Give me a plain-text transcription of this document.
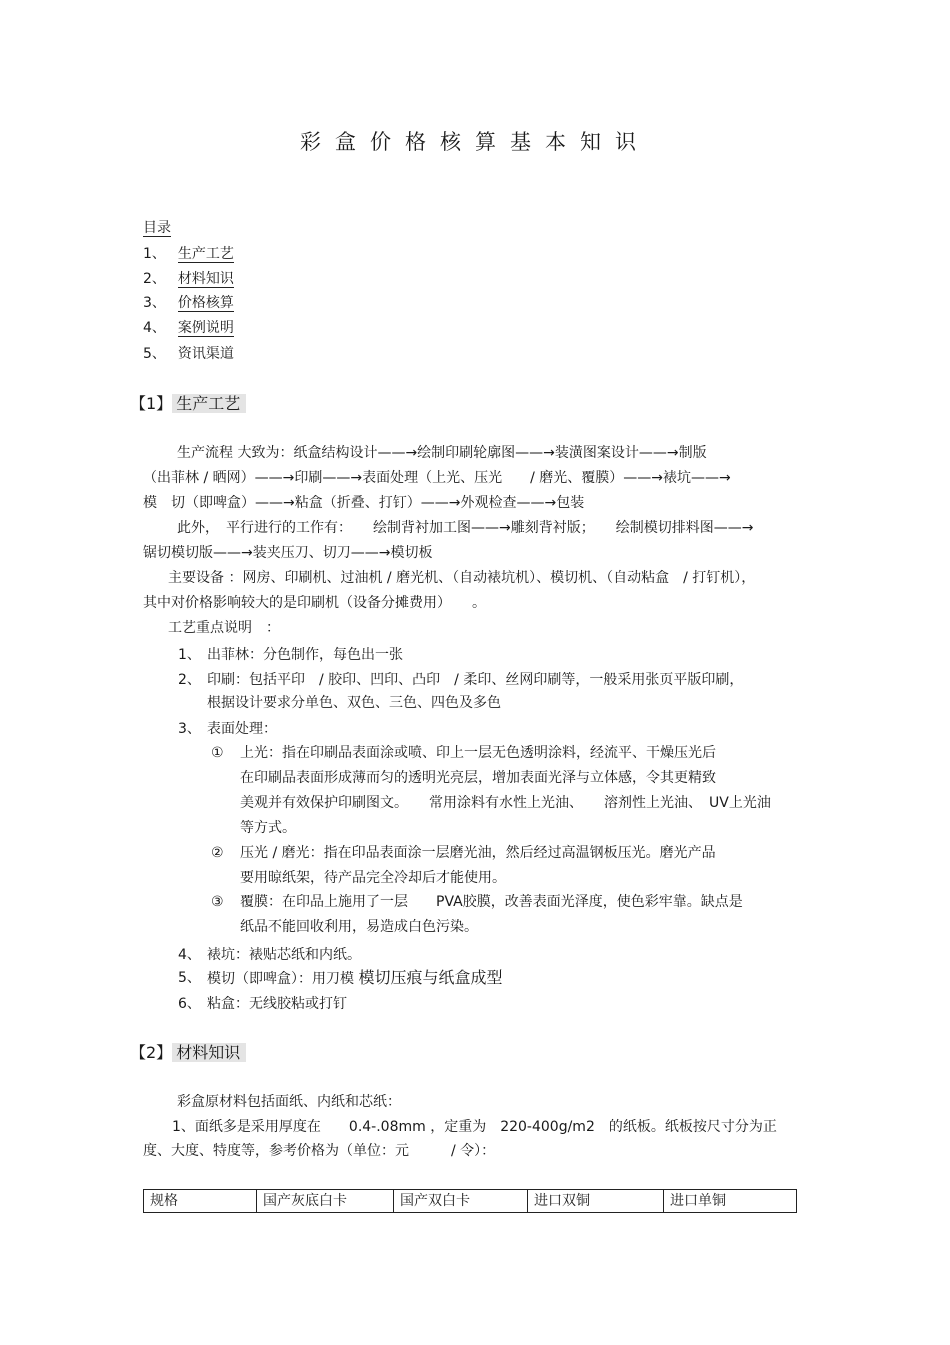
彩盒价格核算基本知识
目录
1、 生产工艺
2、 材料知识
3、 价格核算
4、 案例说明
5、 资讯渠道
【1】 生产工艺
生产流程 大致为：纸盒结构设计——→绘制印刷轮廓图——→装潢图案设计——→制版
（出菲林 / 晒网）——→印刷——→表面处理（上光、压光　　/ 磨光、覆膜）——→裱坑——→
模　切（即啤盒）——→粘盒（折叠、打钉）——→外观检查——→包装
此外，　平行进行的工作有：　　绘制背衬加工图——→雕刻背衬版；　　绘制模切排料图——→
锯切模切版——→装夹压刀、切刀——→模切板
主要设备 ：网房、印刷机、过油机 / 磨光机、（自动裱坑机）、模切机、（自动粘盒　/ 打钉机），
其中对价格影响较大的是印刷机（设备分摊费用）　　。
工艺重点说明　：
1、 出菲林：分色制作，每色出一张
2、 印刷：包括平印　/ 胶印、凹印、凸印　/ 柔印、丝网印刷等，一般采用张页平版印刷，
根据设计要求分单色、双色、三色、四色及多色
3、 表面处理：
① 上光：指在印刷品表面涂或喷、印上一层无色透明涂料，经流平、干燥压光后
在印刷品表面形成薄而匀的透明光亮层，增加表面光泽与立体感，令其更精致
美观并有效保护印刷图文。　　常用涂料有水性上光油、　　溶剂性上光油、　UV上光油
等方式。
② 压光 / 磨光：指在印品表面涂一层磨光油，然后经过高温钢板压光。磨光产品
要用晾纸架，待产品完全冷却后才能使用。
③ 覆膜：在印品上施用了一层　　PVA胶膜，改善表面光泽度，使色彩牢靠。缺点是
纸品不能回收利用，易造成白色污染。
4、 裱坑：裱贴芯纸和内纸。
5、 模切（即啤盒）：用刀模 模切压痕与纸盒成型
6、 粘盒：无线胶粘或打钉
【2】 材料知识
彩盒原材料包括面纸、内纸和芯纸：
1、面纸多是采用厚度在　　0.4-.08mm ，定重为　220-400g/m2　的纸板。纸板按尺寸分为正
度、大度、特度等，参考价格为（单位：元　　　/ 令）：
规格	国产灰底白卡	国产双白卡	进口双铜	进口单铜
